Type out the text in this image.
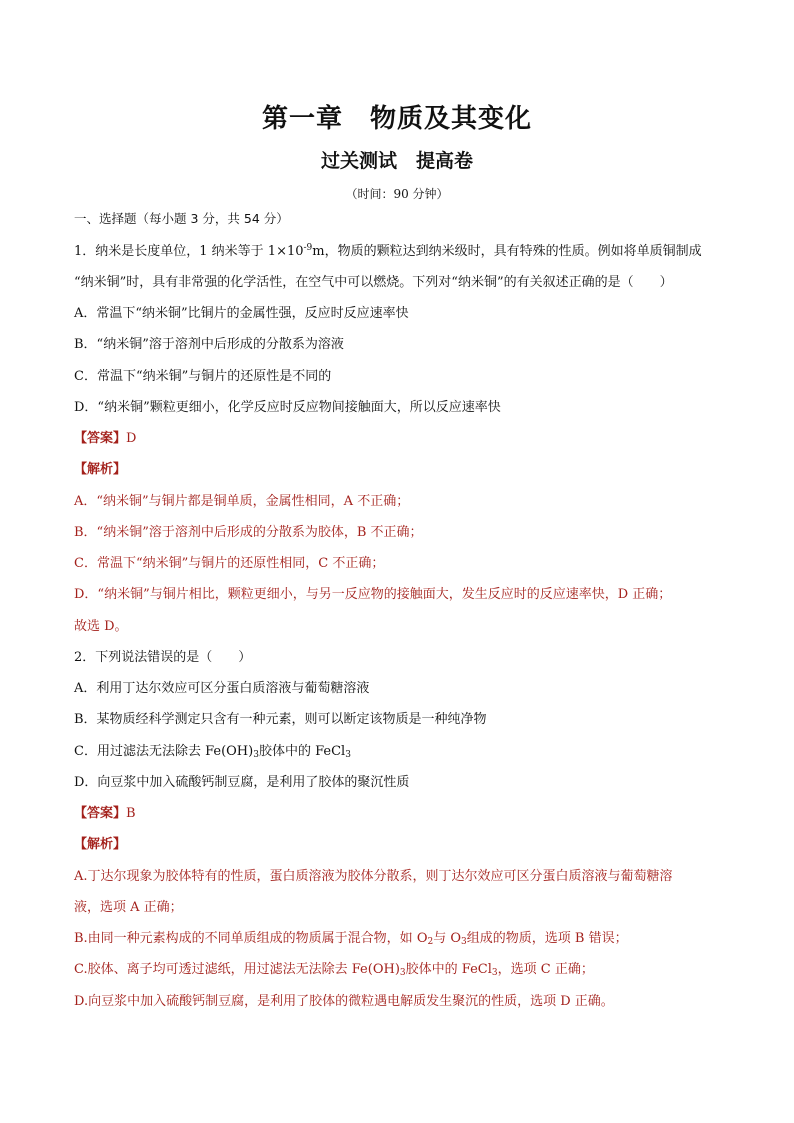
第一章　物质及其变化
过关测试　提高卷
（时间：90 分钟）
一、选择题（每小题 3 分，共 54 分）
1．纳米是长度单位，1 纳米等于 $1\times 10^{-9}m$，物质的颗粒达到纳米级时，具有特殊的性质。例如将单质铜制成
“纳米铜”时，具有非常强的化学活性，在空气中可以燃烧。下列对“纳米铜”的有关叙述正确的是（　　）
A．常温下“纳米铜”比铜片的金属性强，反应时反应速率快
B．“纳米铜”溶于溶剂中后形成的分散系为溶液
C．常温下“纳米铜”与铜片的还原性是不同的
D．“纳米铜”颗粒更细小，化学反应时反应物间接触面大，所以反应速率快
【答案】D
【解析】
A．“纳米铜”与铜片都是铜单质，金属性相同，A 不正确；
B．“纳米铜”溶于溶剂中后形成的分散系为胶体，B 不正确；
C．常温下“纳米铜”与铜片的还原性相同，C 不正确；
D．“纳米铜”与铜片相比，颗粒更细小，与另一反应物的接触面大，发生反应时的反应速率快，D 正确；
故选 D。
2．下列说法错误的是（　　）
A．利用丁达尔效应可区分蛋白质溶液与葡萄糖溶液
B．某物质经科学测定只含有一种元素，则可以断定该物质是一种纯净物
C．用过滤法无法除去 $Fe(OH)_3$胶体中的 FeCl$_3$
D．向豆浆中加入硫酸钙制豆腐，是利用了胶体的聚沉性质
【答案】B
【解析】
A.丁达尔现象为胶体特有的性质，蛋白质溶液为胶体分散系，则丁达尔效应可区分蛋白质溶液与葡萄糖溶
液，选项 A 正确；
B.由同一种元素构成的不同单质组成的物质属于混合物，如 $O_2$与 $O_3$组成的物质，选项 B 错误；
C.胶体、离子均可透过滤纸，用过滤法无法除去 $Fe(OH)_3$胶体中的 FeCl$_3$，选项 C 正确；
D.向豆浆中加入硫酸钙制豆腐，是利用了胶体的微粒遇电解质发生聚沉的性质，选项 D 正确。
